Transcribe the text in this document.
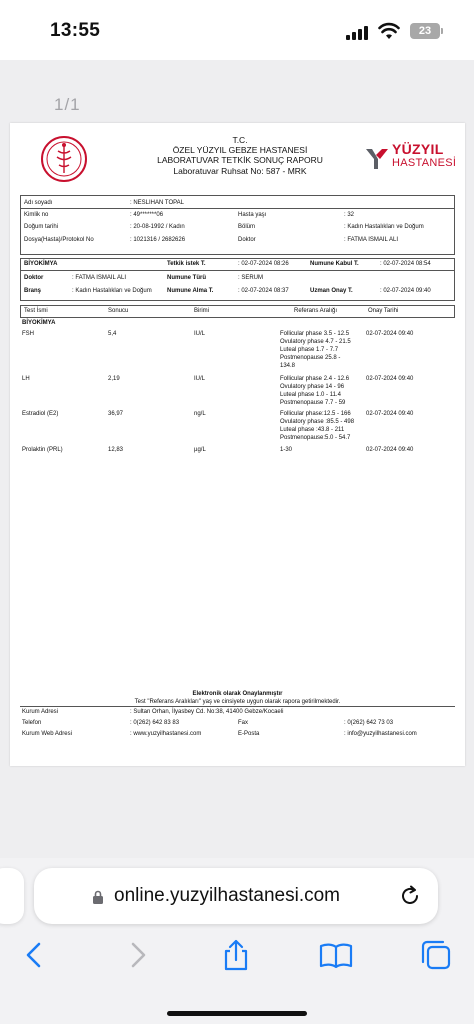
13:55	23
1/1
T.C.
ÖZEL YÜZYIL GEBZE HASTANESİ
LABORATUVAR TETKİK SONUÇ RAPORU
Laboratuvar Ruhsat No: 587 - MRK
YÜZYIL
HASTANESİ
Adı soyadı	: NESLIHAN TOPAL
Kimlik no	: 49*******06	Hasta yaşı	: 32
Doğum tarihi	: 20-08-1992 / Kadın	Bölüm	: Kadın Hastalıkları ve Doğum
Dosya(Hasta)/Protokol No	: 1021316 / 2682626	Doktor	: FATMA ISMAIL ALI
BİYOKİMYA	Tetkik istek T.	: 02-07-2024 08:26	Numune Kabul T.	: 02-07-2024 08:54
Doktor	: FATMA ISMAIL ALI	Numune Türü	: SERUM
Branş	: Kadın Hastalıkları ve Doğum	Numune Alma T.	: 02-07-2024 08:37	Uzman Onay T.	: 02-07-2024 09:40
Test İsmi	Sonucu	Birimi	Referans Aralığı	Onay Tarihi
BİYOKİMYA
FSH	5,4	IU/L	Follicular phase 3.5 - 12.5
Ovulatory phase 4.7 - 21.5
Luteal phase 1.7 - 7.7
Postmenopause 25.8 -
134.8
02-07-2024 09:40
LH	2,19	IU/L	Follicular phase 2.4 - 12.6
Ovulatory phase 14 - 96
Luteal phase 1.0 - 11.4
Postmenopause 7.7 - 59
02-07-2024 09:40
Estradiol (E2)	36,97	ng/L	Follicular phase:12.5 - 166
Ovulatory phase :85.5 - 498
Luteal phase :43.8 - 211
Postmenopause:5.0 - 54.7
02-07-2024 09:40
Prolaktin (PRL)	12,83	µg/L	1-30	02-07-2024 09:40
Elektronik olarak Onaylanmıştır
Test "Referans Aralıkları" yaş ve cinsiyete uygun olarak rapora getirilmektedir.
Kurum Adresi	: Sultan Orhan, İlyasbey Cd. No:38, 41400 Gebze/Kocaeli
Telefon	: 0(262) 642 83 83	Fax	: 0(262) 642 73 03
Kurum Web Adresi	: www.yuzyilhastanesi.com	E-Posta	: info@yuzyilhastanesi.com
online.yuzyilhastanesi.com
